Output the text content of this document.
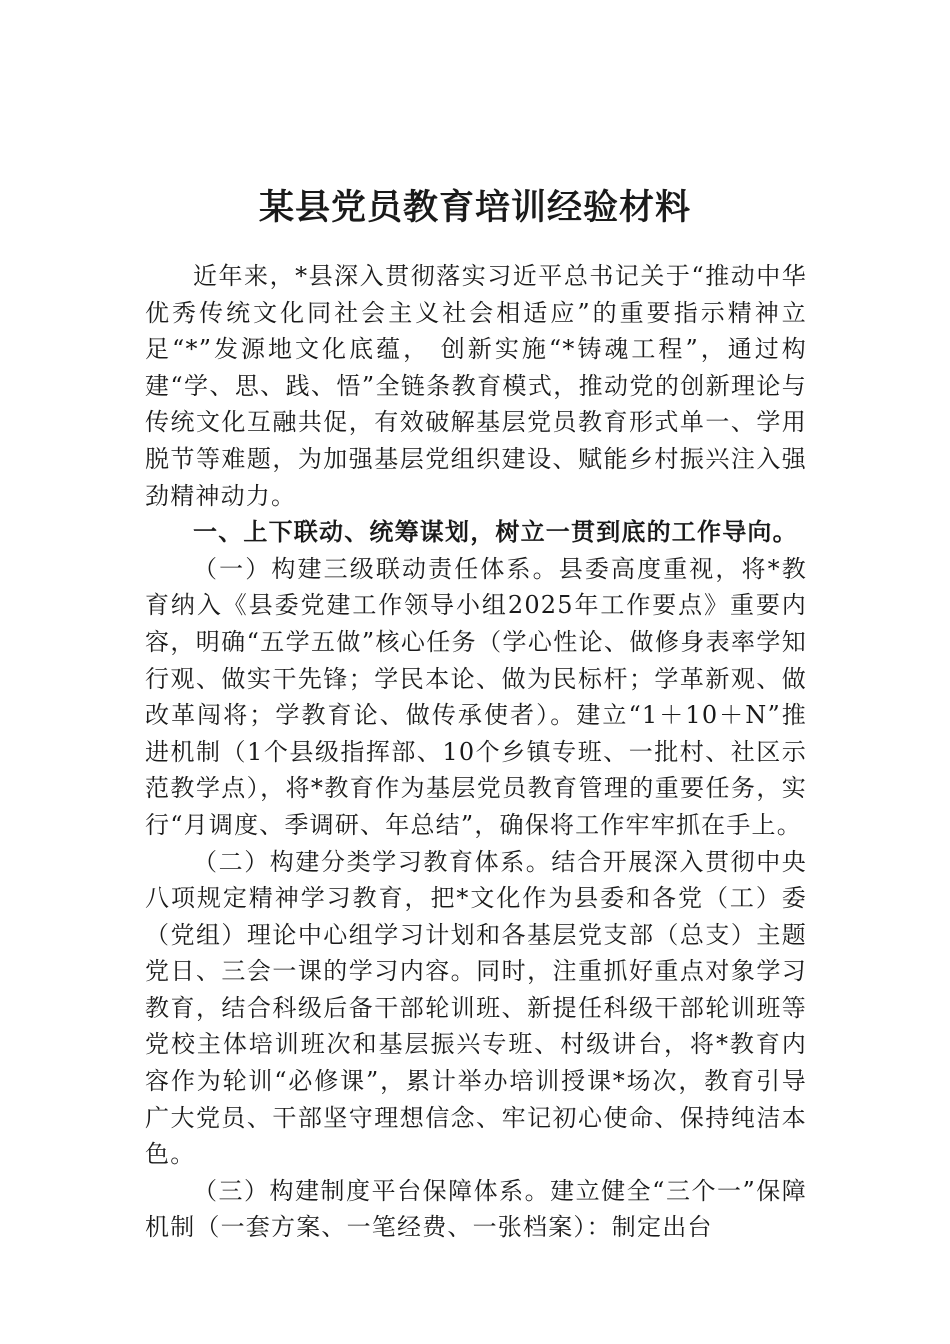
某县党员教育培训经验材料

近年来，*县深入贯彻落实习近平总书记关于“推动中华优秀传统文化同社会主义社会相适应”的重要指示精神立足“*”发源地文化底蕴， 创新实施“*铸魂工程”，通过构建“学、思、践、悟”全链条教育模式，推动党的创新理论与传统文化互融共促，有效破解基层党员教育形式单一、学用脱节等难题，为加强基层党组织建设、赋能乡村振兴注入强劲精神动力。

一、上下联动、统筹谋划，树立一贯到底的工作导向。

（一）构建三级联动责任体系。县委高度重视，将*教育纳入《县委党建工作领导小组2025年工作要点》重要内容，明确“五学五做”核心任务（学心性论、做修身表率学知行观、做实干先锋；学民本论、做为民标杆；学革新观、做改革闯将；学教育论、做传承使者）。建立“1＋10＋N”推进机制（1个县级指挥部、10个乡镇专班、一批村、社区示范教学点），将*教育作为基层党员教育管理的重要任务，实行“月调度、季调研、年总结”，确保将工作牢牢抓在手上。

（二）构建分类学习教育体系。结合开展深入贯彻中央八项规定精神学习教育，把*文化作为县委和各党（工）委（党组）理论中心组学习计划和各基层党支部（总支）主题党日、三会一课的学习内容。同时，注重抓好重点对象学习教育，结合科级后备干部轮训班、新提任科级干部轮训班等党校主体培训班次和基层振兴专班、村级讲台，将*教育内容作为轮训“必修课”，累计举办培训授课*场次，教育引导广大党员、干部坚守理想信念、牢记初心使命、保持纯洁本色。

（三）构建制度平台保障体系。建立健全“三个一”保障机制（一套方案、一笔经费、一张档案）：制定出台
